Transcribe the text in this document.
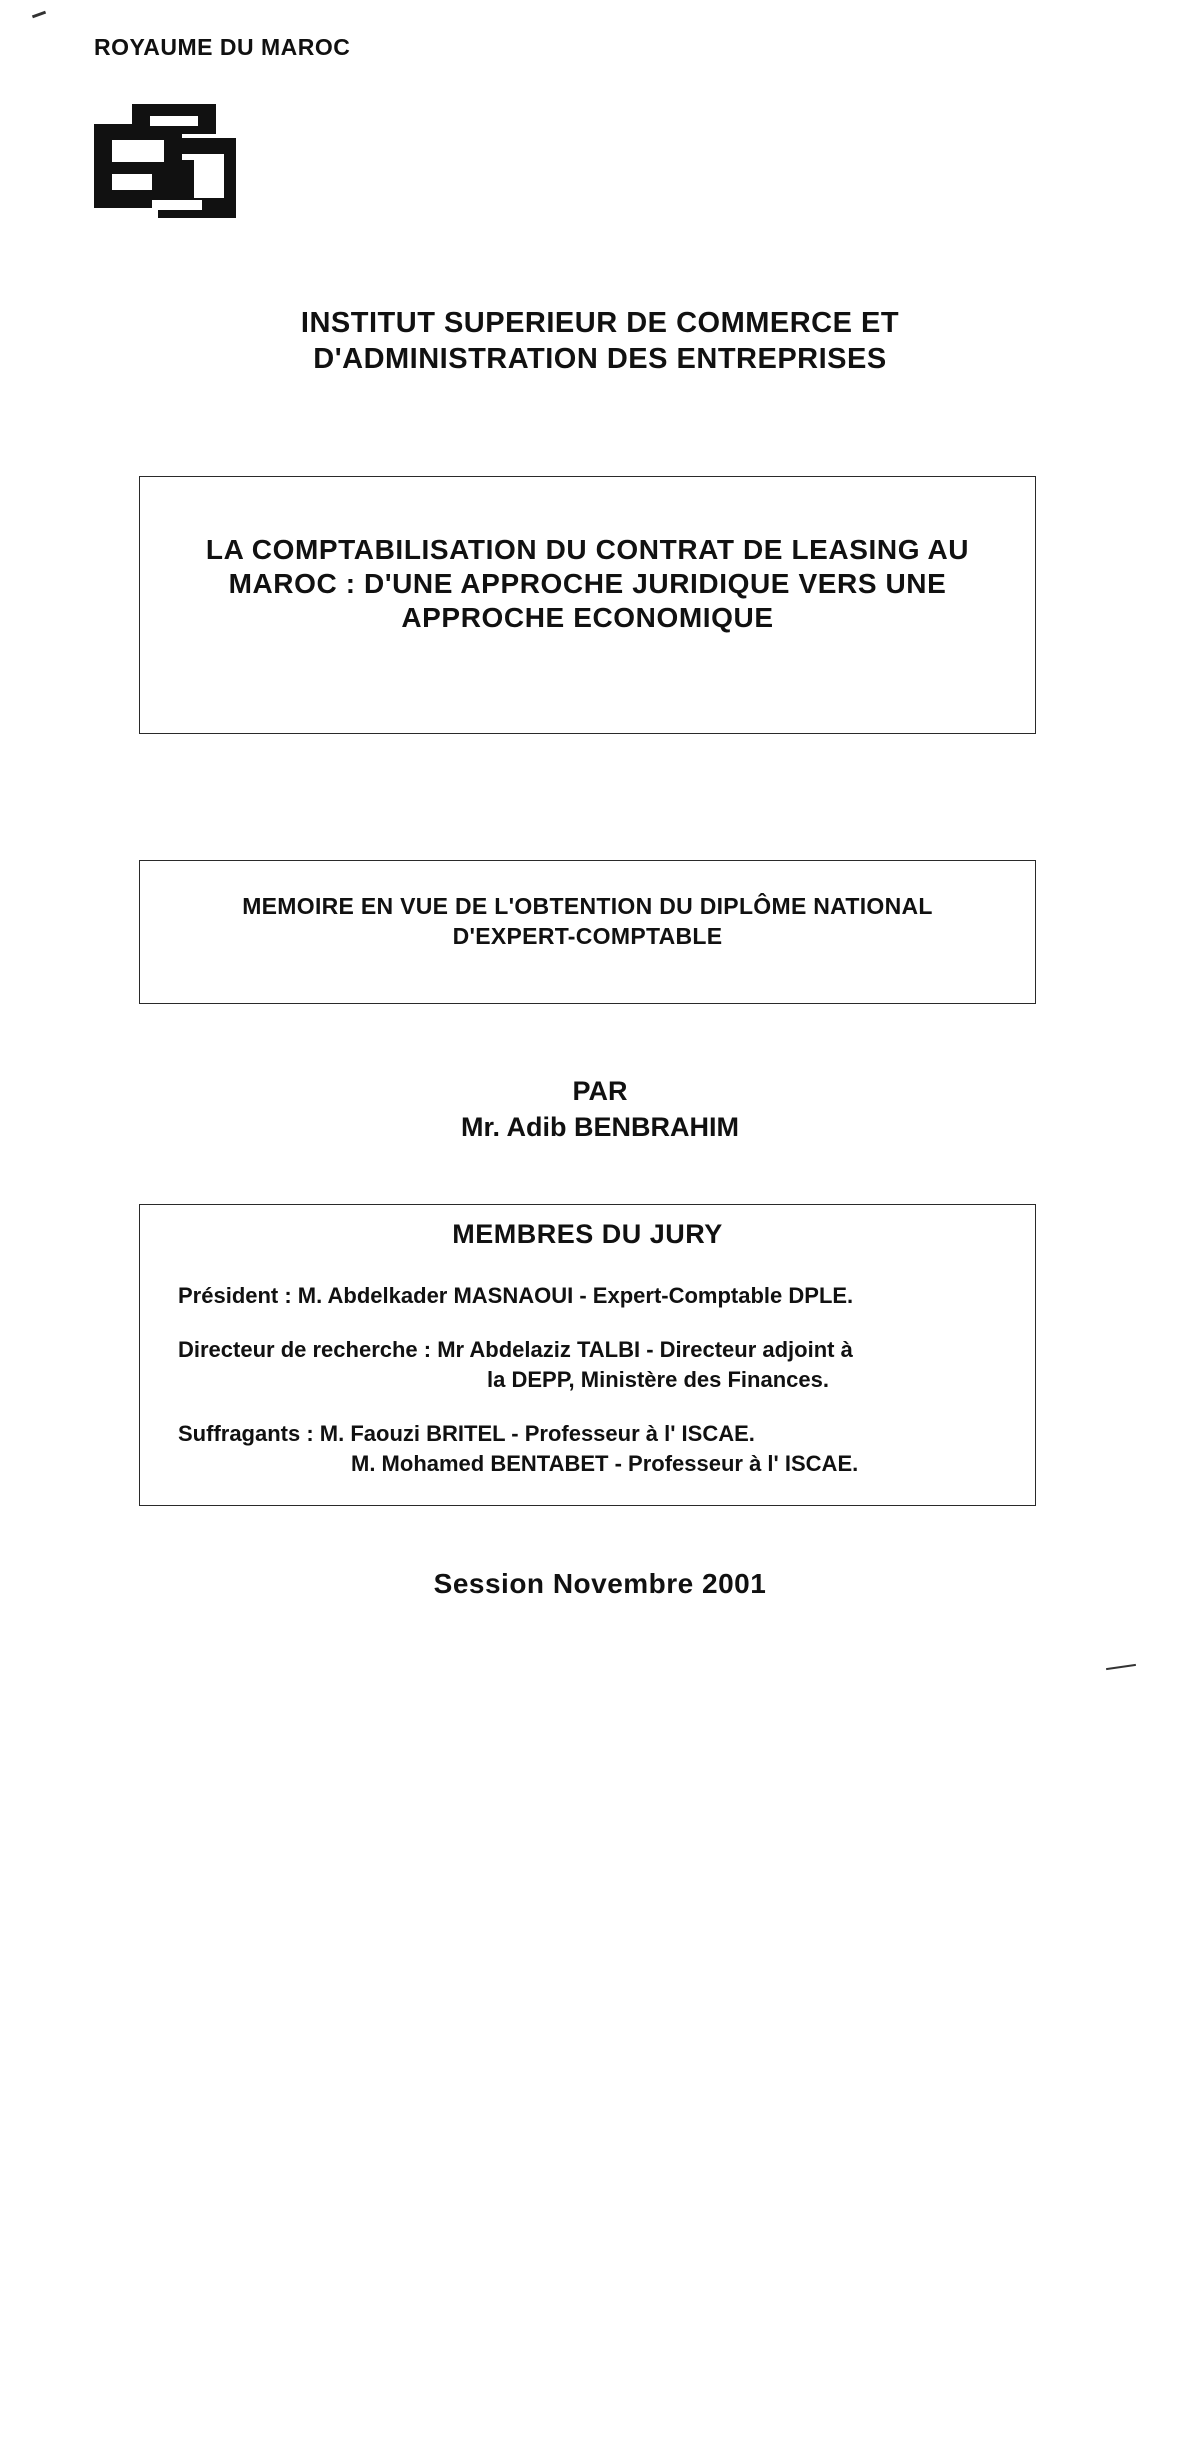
ROYAUME DU MAROC
INSTITUT SUPERIEUR DE COMMERCE ET
D'ADMINISTRATION DES ENTREPRISES
LA COMPTABILISATION DU CONTRAT DE LEASING AU
MAROC : D'UNE APPROCHE JURIDIQUE VERS UNE
APPROCHE ECONOMIQUE
MEMOIRE EN VUE DE L'OBTENTION DU DIPLÔME NATIONAL
D'EXPERT-COMPTABLE
PAR
Mr. Adib BENBRAHIM
MEMBRES DU JURY
Président : M. Abdelkader MASNAOUI - Expert-Comptable DPLE.
Directeur de recherche : Mr Abdelaziz TALBI - Directeur adjoint à
la DEPP, Ministère des Finances.
Suffragants : M. Faouzi BRITEL - Professeur à l' ISCAE.
M. Mohamed BENTABET - Professeur à l' ISCAE.
Session Novembre 2001
